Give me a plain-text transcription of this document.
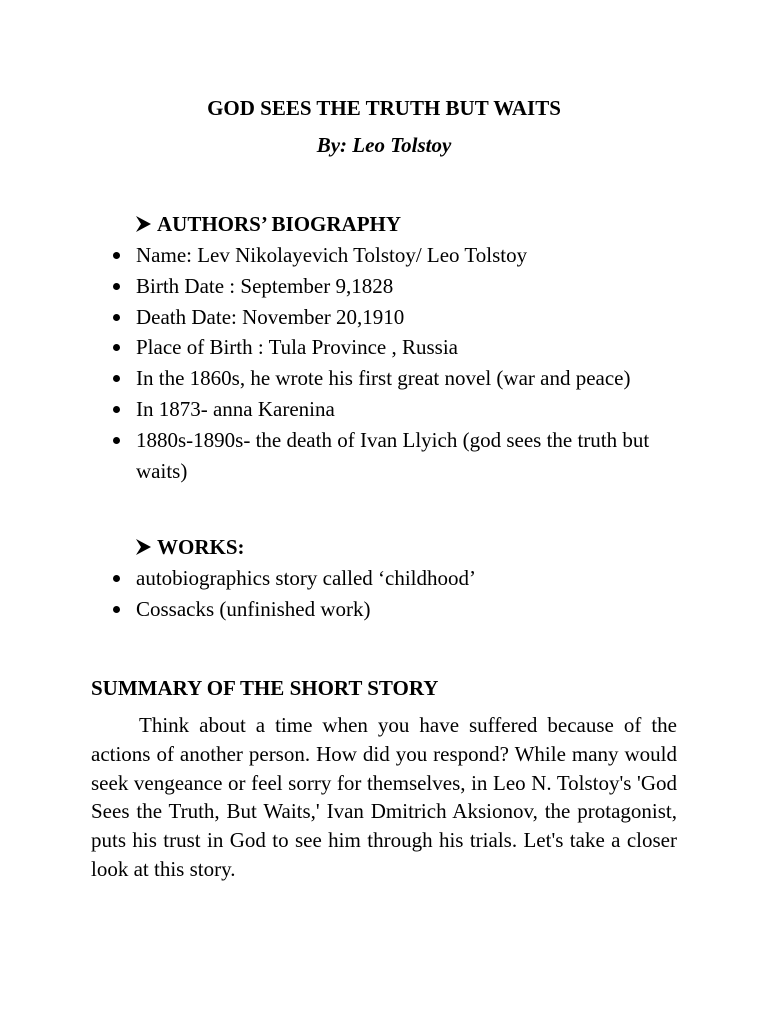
GOD SEES THE TRUTH BUT WAITS
By: Leo Tolstoy
AUTHORS’ BIOGRAPHY
Name: Lev Nikolayevich Tolstoy/ Leo Tolstoy
Birth Date : September 9,1828
Death Date: November 20,1910
Place of Birth : Tula Province , Russia
In the 1860s, he wrote his first great novel (war and peace)
In 1873- anna Karenina
1880s-1890s- the death of Ivan Llyich (god sees the truth but waits)
WORKS:
autobiographics story called ‘childhood’
Cossacks (unfinished work)
SUMMARY OF THE SHORT STORY

Think about a time when you have suffered because of the actions of another person. How did you respond? While many would seek vengeance or feel sorry for themselves, in Leo N. Tolstoy's 'God Sees the Truth, But Waits,' Ivan Dmitrich Aksionov, the protagonist, puts his trust in God to see him through his trials. Let's take a closer look at this story.
